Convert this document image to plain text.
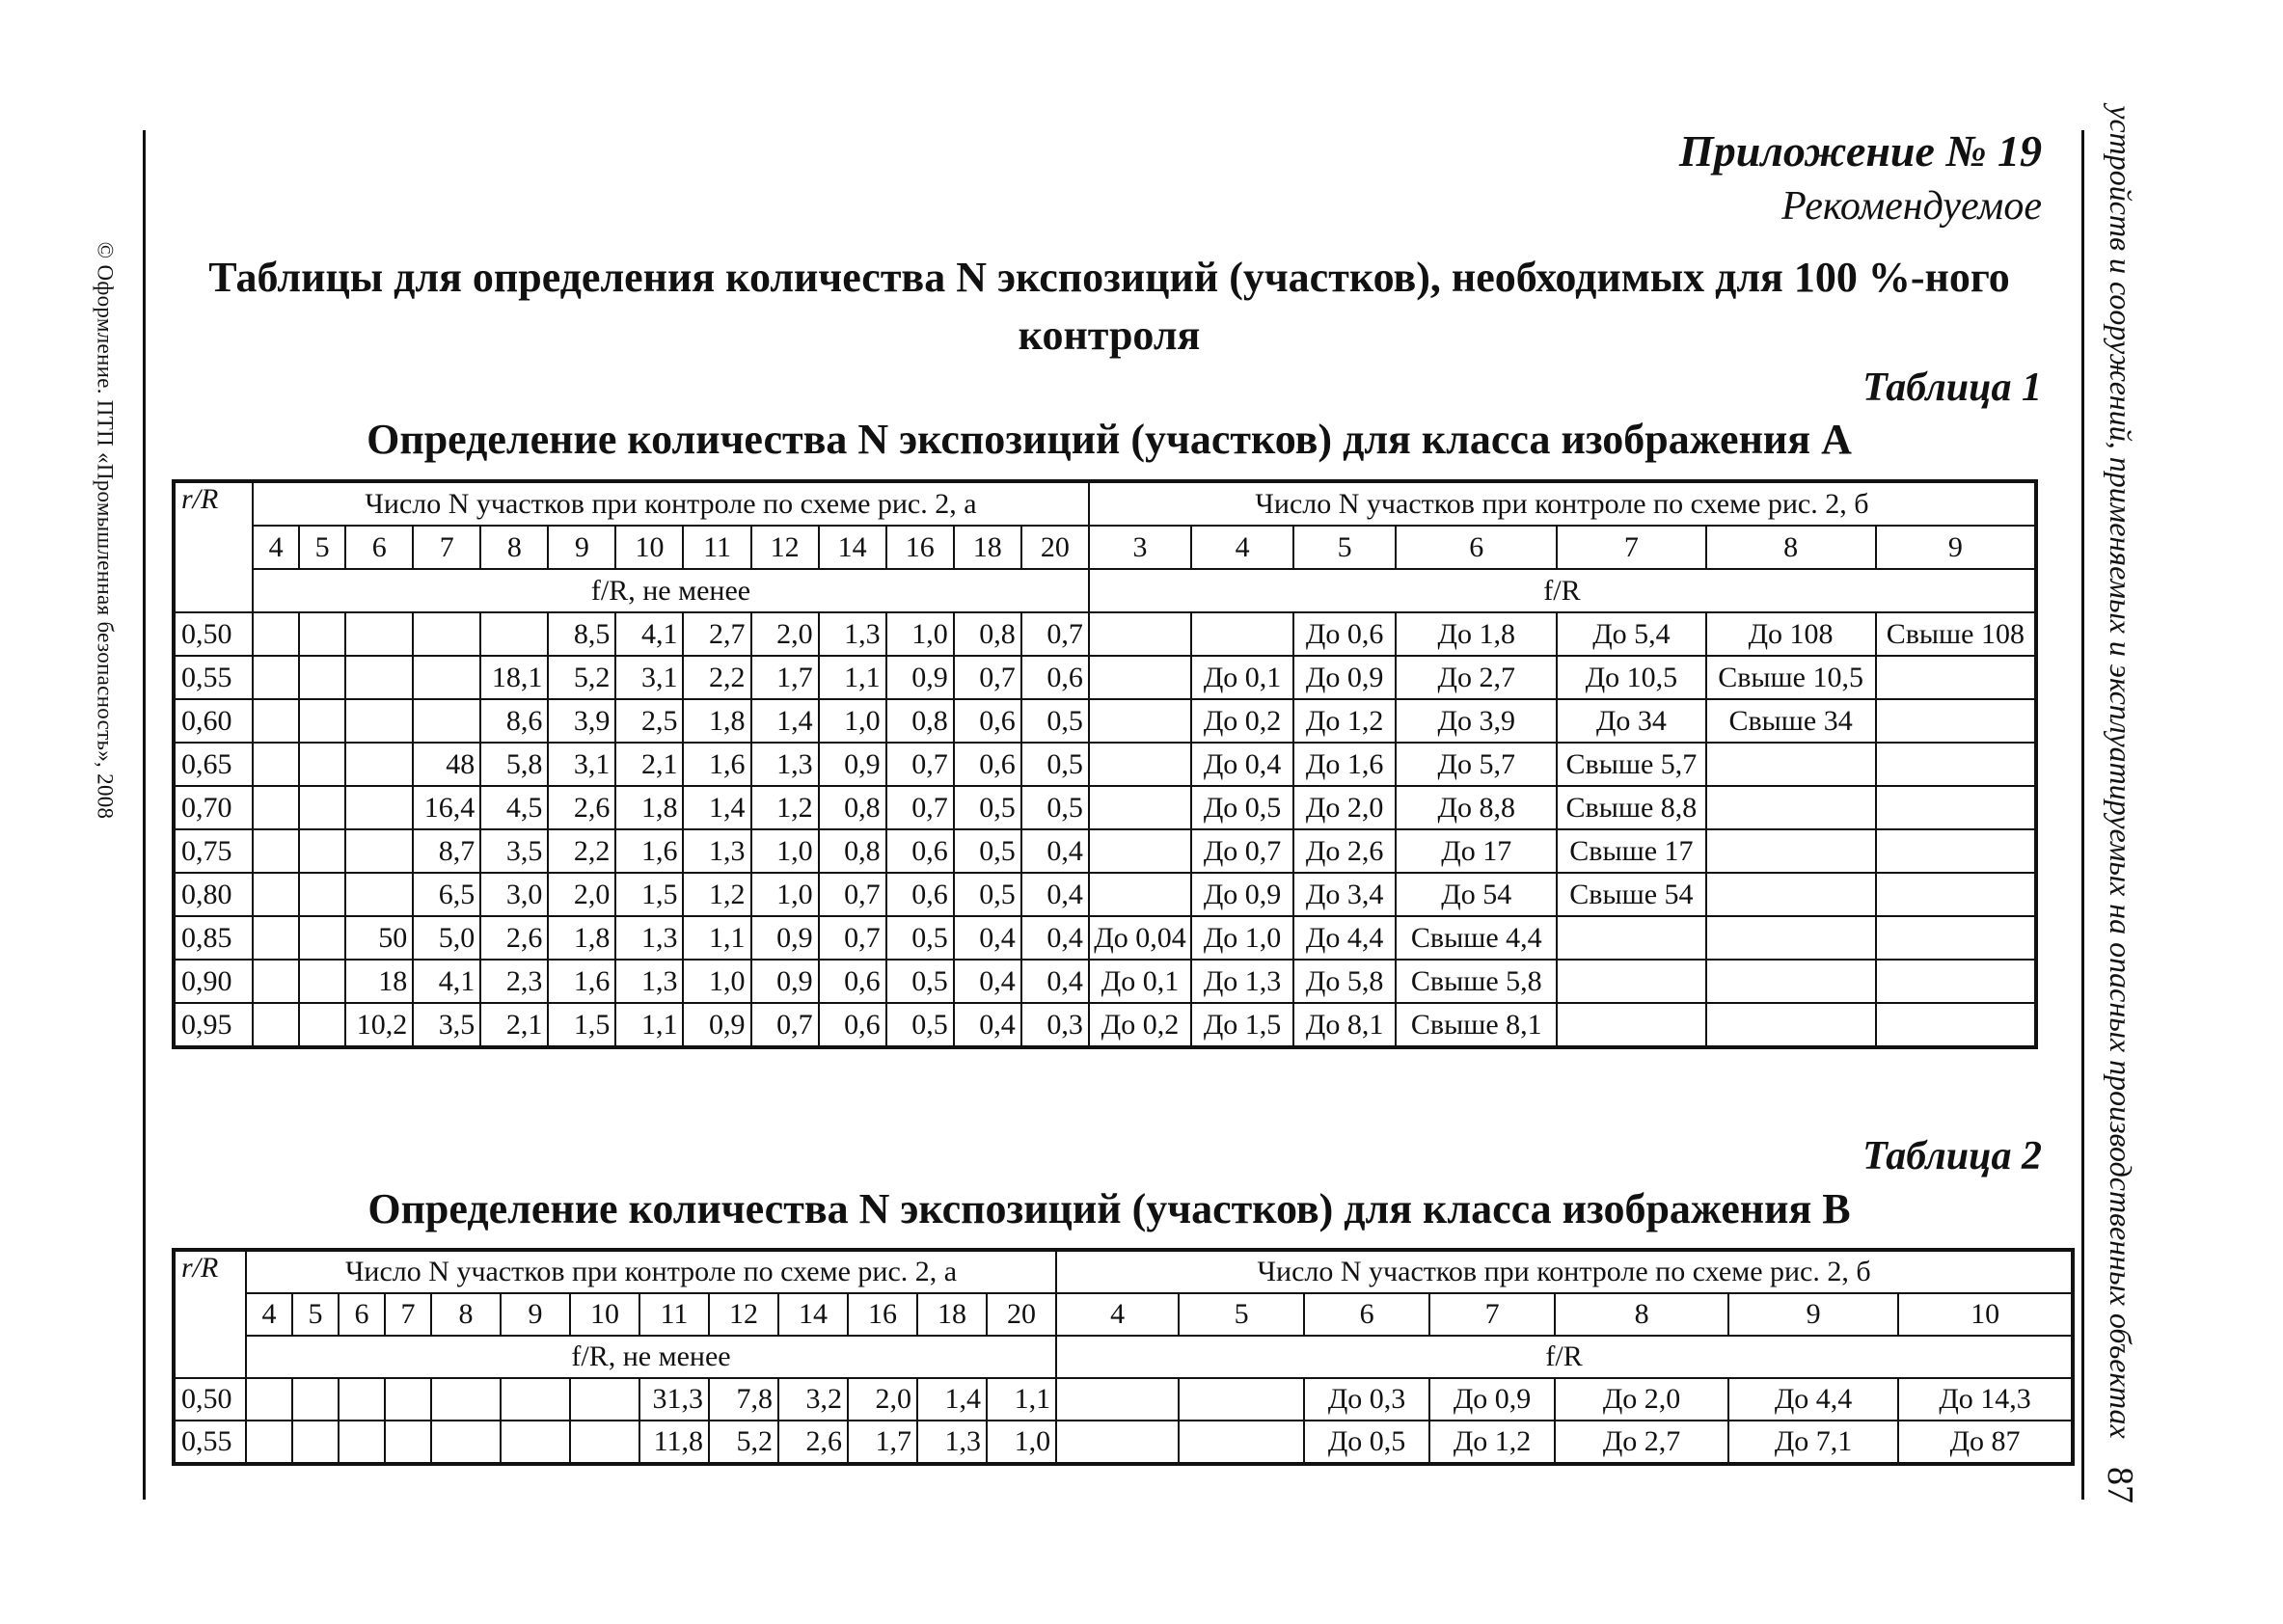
© Оформление. ПТП «Промышленная безопасность», 2008	устройств и сооружений, применяемых и эксплуатируемых на опасных производственных объектах
87
Приложение № 19
Рекомендуемое
Таблицы для определения количества N экспозиций (участков), необходимых для 100 %-ного контроля
Таблица 1
Определение количества N экспозиций (участков) для класса изображения А
r/R	Число N участков при контроле по схеме рис. 2, а													Число N участков при контроле по схеме рис. 2, б						
	4	5	6	7	8	9	10	11	12	14	16	18	20	3	4	5	6	7	8	9
	f/R, не менее													f/R						
0,50						8,5	4,1	2,7	2,0	1,3	1,0	0,8	0,7			До 0,6	До 1,8	До 5,4	До 108	Свыше 108
0,55					18,1	5,2	3,1	2,2	1,7	1,1	0,9	0,7	0,6		До 0,1	До 0,9	До 2,7	До 10,5	Свыше 10,5	
0,60					8,6	3,9	2,5	1,8	1,4	1,0	0,8	0,6	0,5		До 0,2	До 1,2	До 3,9	До 34	Свыше 34	
0,65				48	5,8	3,1	2,1	1,6	1,3	0,9	0,7	0,6	0,5		До 0,4	До 1,6	До 5,7	Свыше 5,7		
0,70				16,4	4,5	2,6	1,8	1,4	1,2	0,8	0,7	0,5	0,5		До 0,5	До 2,0	До 8,8	Свыше 8,8		
0,75				8,7	3,5	2,2	1,6	1,3	1,0	0,8	0,6	0,5	0,4		До 0,7	До 2,6	До 17	Свыше 17		
0,80				6,5	3,0	2,0	1,5	1,2	1,0	0,7	0,6	0,5	0,4		До 0,9	До 3,4	До 54	Свыше 54		
0,85			50	5,0	2,6	1,8	1,3	1,1	0,9	0,7	0,5	0,4	0,4	До 0,04	До 1,0	До 4,4	Свыше 4,4			
0,90			18	4,1	2,3	1,6	1,3	1,0	0,9	0,6	0,5	0,4	0,4	До 0,1	До 1,3	До 5,8	Свыше 5,8			
0,95			10,2	3,5	2,1	1,5	1,1	0,9	0,7	0,6	0,5	0,4	0,3	До 0,2	До 1,5	До 8,1	Свыше 8,1			
Таблица 2
Определение количества N экспозиций (участков) для класса изображения В
r/R	Число N участков при контроле по схеме рис. 2, а													Число N участков при контроле по схеме рис. 2, б						
	4	5	6	7	8	9	10	11	12	14	16	18	20	4	5	6	7	8	9	10
	f/R, не менее													f/R						
0,50								31,3	7,8	3,2	2,0	1,4	1,1			До 0,3	До 0,9	До 2,0	До 4,4	До 14,3
0,55								11,8	5,2	2,6	1,7	1,3	1,0			До 0,5	До 1,2	До 2,7	До 7,1	До 87
